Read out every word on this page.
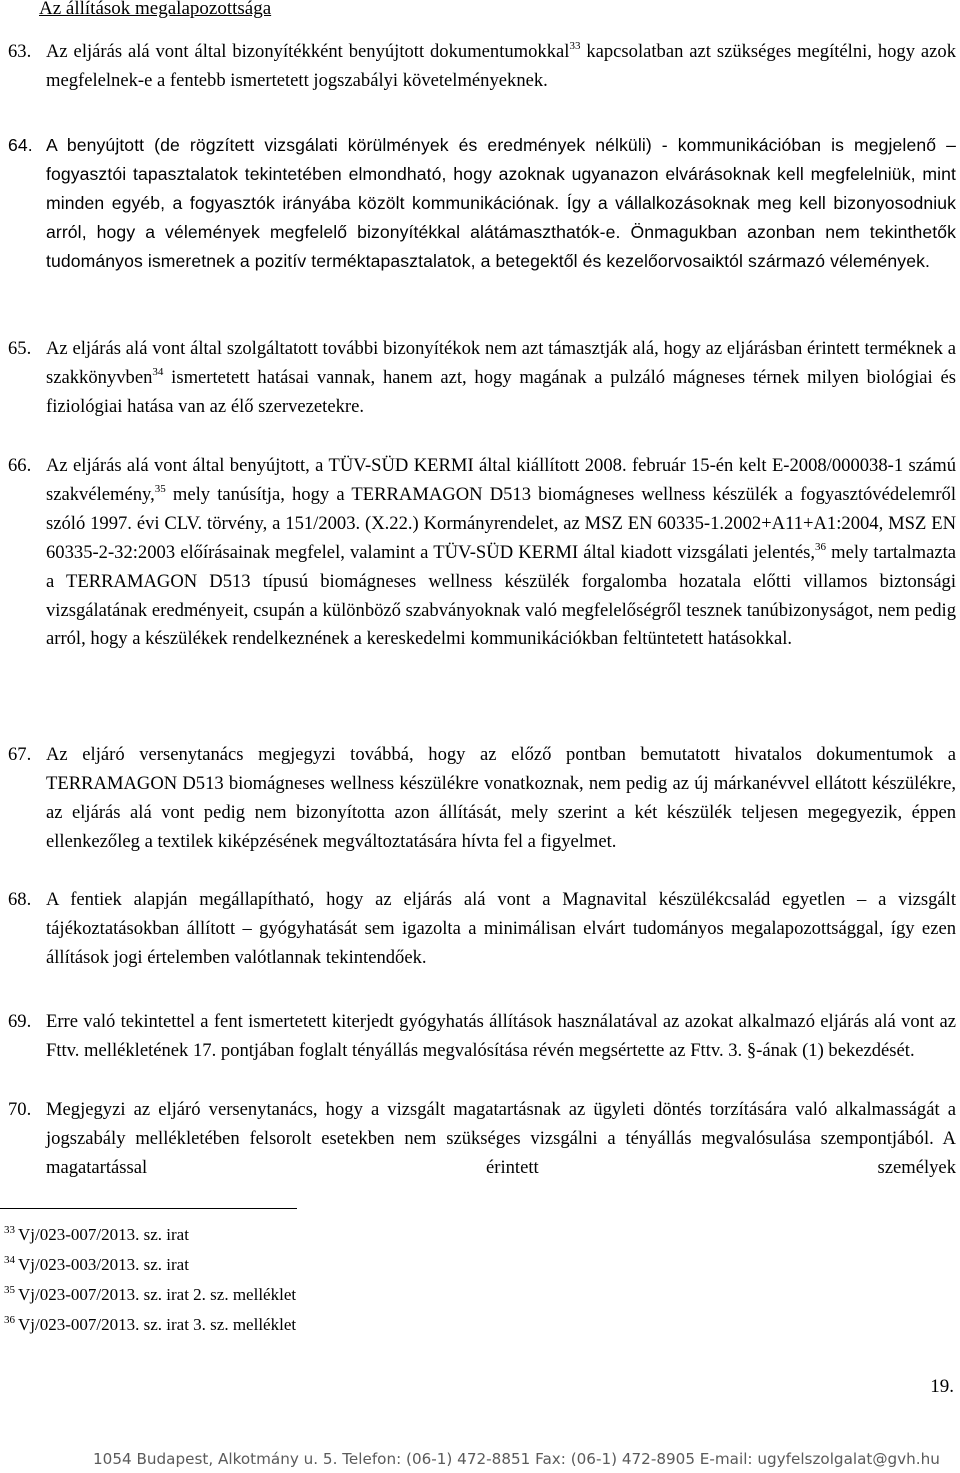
Az állítások megalapozottsága

63. Az eljárás alá vont által bizonyítékként benyújtott dokumentumokkal$^{33}$ kapcsolatban azt szükséges megítélni, hogy azok megfelelnek-e a fentebb ismertetett jogszabályi követelményeknek.

64. A benyújtott (de rögzített vizsgálati körülmények és eredmények nélküli) - kommunikációban is megjelenő – fogyasztói tapasztalatok tekintetében elmondható, hogy azoknak ugyanazon elvárásoknak kell megfelelniük, mint minden egyéb, a fogyasztók irányába közölt kommunikációnak. Így a vállalkozásoknak meg kell bizonyosodniuk arról, hogy a vélemények megfelelő bizonyítékkal alátámaszthatók-e. Önmagukban azonban nem tekinthetők tudományos ismeretnek a pozitív terméktapasztalatok, a betegektől és kezelőorvosaiktól származó vélemények.

65. Az eljárás alá vont által szolgáltatott további bizonyítékok nem azt támasztják alá, hogy az eljárásban érintett terméknek a szakkönyvben$^{34}$ ismertetett hatásai vannak, hanem azt, hogy magának a pulzáló mágneses térnek milyen biológiai és fiziológiai hatása van az élő szervezetekre.

66. Az eljárás alá vont által benyújtott, a TÜV-SÜD KERMI által kiállított 2008. február 15-én kelt E-2008/000038-1 számú szakvélemény,$^{35}$ mely tanúsítja, hogy a TERRAMAGON D513 biomágneses wellness készülék a fogyasztóvédelemről szóló 1997. évi CLV. törvény, a 151/2003. (X.22.) Kormányrendelet, az MSZ EN 60335-1.2002+A11+A1:2004, MSZ EN 60335-2-32:2003 előírásainak megfelel, valamint a TÜV-SÜD KERMI által kiadott vizsgálati jelentés,$^{36}$ mely tartalmazta a TERRAMAGON D513 típusú biomágneses wellness készülék forgalomba hozatala előtti villamos biztonsági vizsgálatának eredményeit, csupán a különböző szabványoknak való megfelelőségről tesznek tanúbizonyságot, nem pedig arról, hogy a készülékek rendelkeznének a kereskedelmi kommunikációkban feltüntetett hatásokkal.

67. Az eljáró versenytanács megjegyzi továbbá, hogy az előző pontban bemutatott hivatalos dokumentumok a TERRAMAGON D513 biomágneses wellness készülékre vonatkoznak, nem pedig az új márkanévvel ellátott készülékre, az eljárás alá vont pedig nem bizonyította azon állítását, mely szerint a két készülék teljesen megegyezik, éppen ellenkezőleg a textilek kiképzésének megváltoztatására hívta fel a figyelmet.

68. A fentiek alapján megállapítható, hogy az eljárás alá vont a Magnavital készülékcsalád egyetlen – a vizsgált tájékoztatásokban állított – gyógyhatását sem igazolta a minimálisan elvárt tudományos megalapozottsággal, így ezen állítások jogi értelemben valótlannak tekintendőek.

69. Erre való tekintettel a fent ismertetett kiterjedt gyógyhatás állítások használatával az azokat alkalmazó eljárás alá vont az Fttv. mellékletének 17. pontjában foglalt tényállás megvalósítása révén megsértette az Fttv. 3. §-ának (1) bekezdését.

70. Megjegyzi az eljáró versenytanács, hogy a vizsgált magatartásnak az ügyleti döntés torzítására való alkalmasságát a jogszabály mellékletében felsorolt esetekben nem szükséges vizsgálni a tényállás megvalósulása szempontjából. A magatartással érintett személyek

$^{33}$ Vj/023-007/2013. sz. irat

$^{34}$ Vj/023-003/2013. sz. irat

$^{35}$ Vj/023-007/2013. sz. irat 2. sz. melléklet

$^{36}$ Vj/023-007/2013. sz. irat 3. sz. melléklet

19.

1054 Budapest, Alkotmány u. 5. Telefon: (06-1) 472-8851 Fax: (06-1) 472-8905 E-mail: ugyfelszolgalat@gvh.hu
